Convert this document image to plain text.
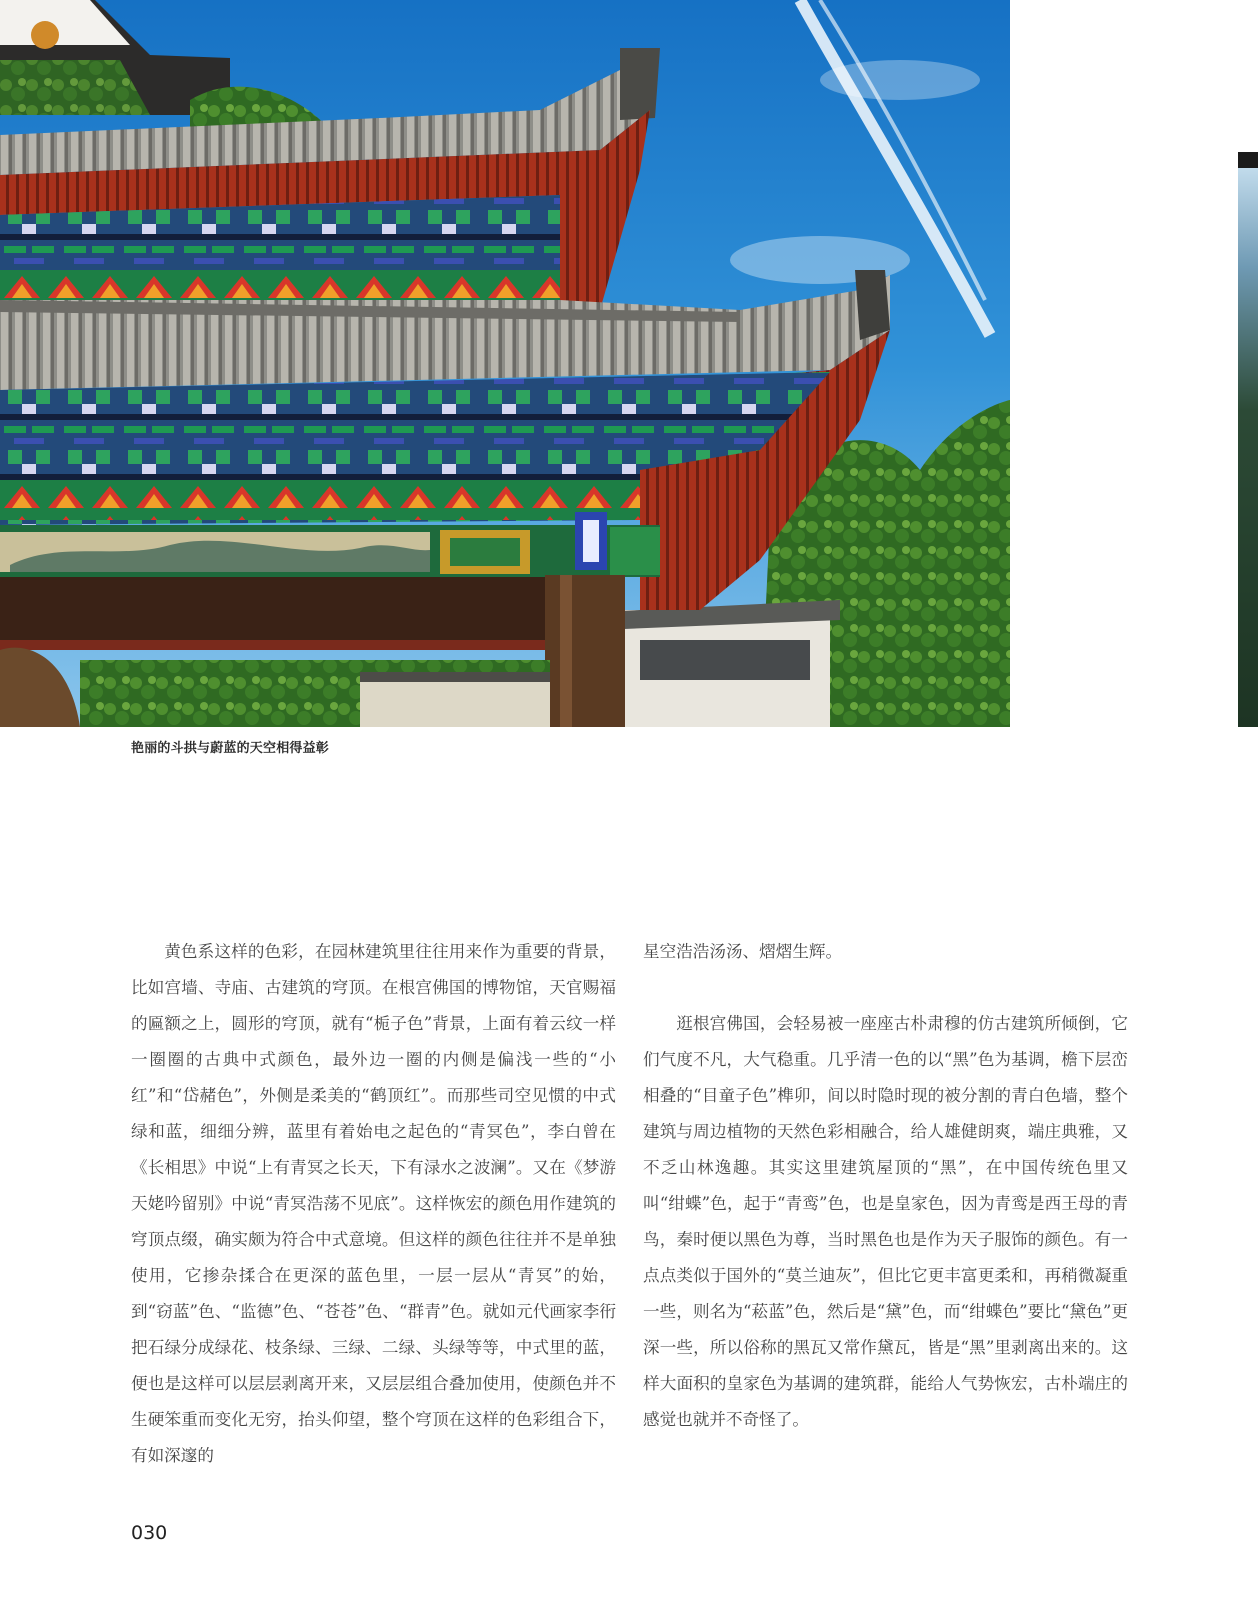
艳丽的斗拱与蔚蓝的天空相得益彰

黄色系这样的色彩，在园林建筑里往往用来作为重要的背景，比如宫墙、寺庙、古建筑的穹顶。在根宫佛国的博物馆，天官赐福的匾额之上，圆形的穹顶，就有“栀子色”背景，上面有着云纹一样一圈圈的古典中式颜色，最外边一圈的内侧是偏浅一些的“小红”和“岱赭色”，外侧是柔美的“鹤顶红”。而那些司空见惯的中式绿和蓝，细细分辨，蓝里有着始电之起色的“青冥色”，李白曾在《长相思》中说“上有青冥之长天，下有渌水之波澜”。又在《梦游天姥吟留别》中说“青冥浩荡不见底”。这样恢宏的颜色用作建筑的穹顶点缀，确实颇为符合中式意境。但这样的颜色往往并不是单独使用，它掺杂揉合在更深的蓝色里，一层一层从“青冥”的始，到“窃蓝”色、“监德”色、“苍苍”色、“群青”色。就如元代画家李衎把石绿分成绿花、枝条绿、三绿、二绿、头绿等等，中式里的蓝，便也是这样可以层层剥离开来，又层层组合叠加使用，使颜色并不生硬笨重而变化无穷，抬头仰望，整个穹顶在这样的色彩组合下，有如深邃的

星空浩浩汤汤、熠熠生辉。

逛根宫佛国，会轻易被一座座古朴肃穆的仿古建筑所倾倒，它们气度不凡，大气稳重。几乎清一色的以“黑”色为基调，檐下层峦相叠的“目童子色”榫卯，间以时隐时现的被分割的青白色墙，整个建筑与周边植物的天然色彩相融合，给人雄健朗爽，端庄典雅，又不乏山林逸趣。其实这里建筑屋顶的“黑”，在中国传统色里又叫“绀蝶”色，起于“青鸾”色，也是皇家色，因为青鸾是西王母的青鸟，秦时便以黑色为尊，当时黑色也是作为天子服饰的颜色。有一点点类似于国外的“莫兰迪灰”，但比它更丰富更柔和，再稍微凝重一些，则名为“菘蓝”色，然后是“黛”色，而“绀蝶色”要比“黛色”更深一些，所以俗称的黑瓦又常作黛瓦，皆是“黑”里剥离出来的。这样大面积的皇家色为基调的建筑群，能给人气势恢宏，古朴端庄的感觉也就并不奇怪了。

030
